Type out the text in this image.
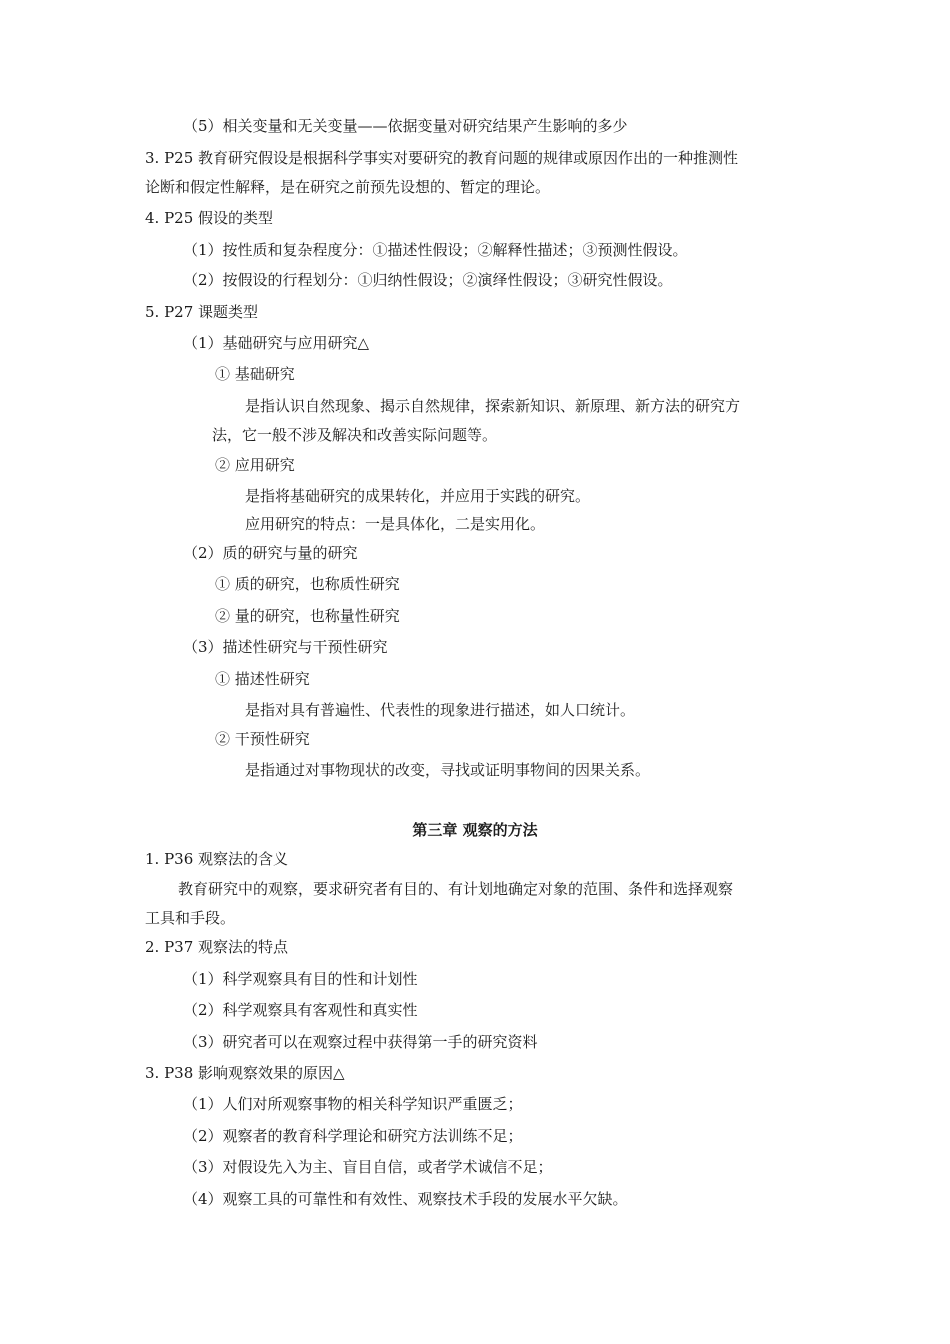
（5）相关变量和无关变量——依据变量对研究结果产生影响的多少
3. P25 教育研究假设是根据科学事实对要研究的教育问题的规律或原因作出的一种推测性
论断和假定性解释，是在研究之前预先设想的、暂定的理论。
4. P25 假设的类型
（1）按性质和复杂程度分：①描述性假设；②解释性描述；③预测性假设。
（2）按假设的行程划分：①归纳性假设；②演绎性假设；③研究性假设。
5. P27 课题类型
（1）基础研究与应用研究△
① 基础研究
是指认识自然现象、揭示自然规律，探索新知识、新原理、新方法的研究方
法，它一般不涉及解决和改善实际问题等。
② 应用研究
是指将基础研究的成果转化，并应用于实践的研究。
应用研究的特点：一是具体化，二是实用化。
（2）质的研究与量的研究
① 质的研究，也称质性研究
② 量的研究，也称量性研究
（3）描述性研究与干预性研究
① 描述性研究
是指对具有普遍性、代表性的现象进行描述，如人口统计。
② 干预性研究
是指通过对事物现状的改变，寻找或证明事物间的因果关系。
第三章 观察的方法
1. P36 观察法的含义
教育研究中的观察，要求研究者有目的、有计划地确定对象的范围、条件和选择观察
工具和手段。
2. P37 观察法的特点
（1）科学观察具有目的性和计划性
（2）科学观察具有客观性和真实性
（3）研究者可以在观察过程中获得第一手的研究资料
3. P38 影响观察效果的原因△
（1）人们对所观察事物的相关科学知识严重匮乏；
（2）观察者的教育科学理论和研究方法训练不足；
（3）对假设先入为主、盲目自信，或者学术诚信不足；
（4）观察工具的可靠性和有效性、观察技术手段的发展水平欠缺。
